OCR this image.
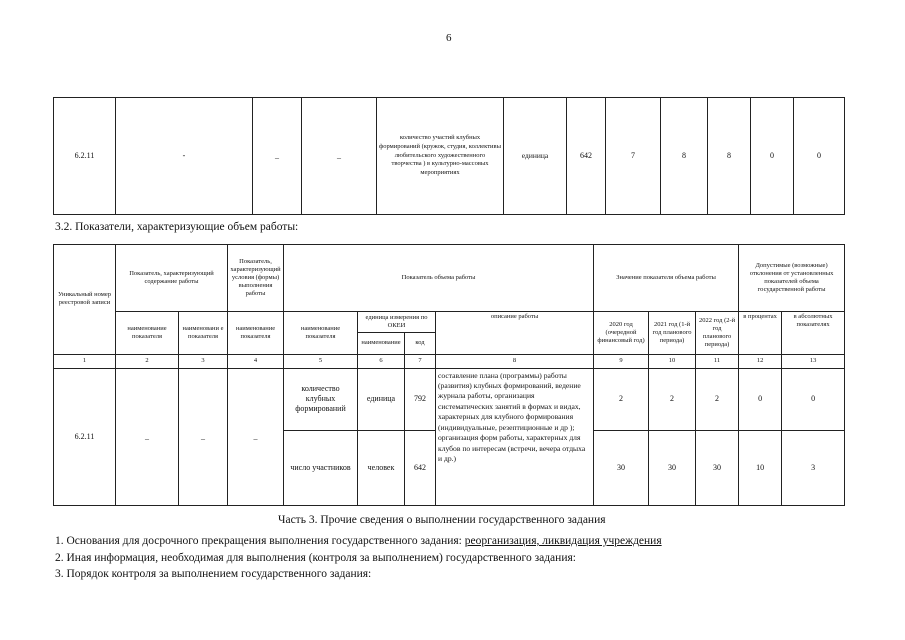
6
6.2.11	-	_	_	количество участий клубных формирований (кружок, студия, коллективы любительского художественного творчества ) в культурно-массовых мероприятиях	единица	642	7	8	8	0	0
3.2. Показатели, характеризующие объем работы:
Уникальный номер реестровой записи	Показатель, характеризующий содержание работы		Показатель, характеризующий условия (формы) выполнения работы	Показатель объема работы				Значение показателя объема работы			Допустимые (возможные) отклонения от установленных показателей объема государственной работы	
	наименование показателя	наименовани е показателя	наименование показателя	наименование показателя	единица измерения по ОКЕИ		описание работы	2020 год (очередной финансовый год)	2021 год (1-й год планового периода)	2022 год (2-й год планового периода)	в процентах	в абсолютных показателях
					наименование	код						
1	2	3	4	5	6	7	8	9	10	11	12	13
6.2.11	_	_	_	количество клубных формирований	единица	792	составление плана (программы) работы (развития) клубных формирований, ведение журнала работы, организация систематических занятий в формах и видах, характерных для клубного формирования (индивидуальные, резептиционные и др ); организация форм работы, характерных для клубов по интересам (встречи, вечера отдыха и др.)	2	2	2	0	0
				число участников	человек	642		30	30	30	10	3
Часть 3. Прочие сведения о выполнении государственного задания
1. Основания для досрочного прекращения выполнения государственного задания: реорганизация, ликвидация учреждения
2. Иная информация, необходимая для выполнения (контроля за выполнением) государственного задания:
3. Порядок контроля за выполнением государственного задания:
